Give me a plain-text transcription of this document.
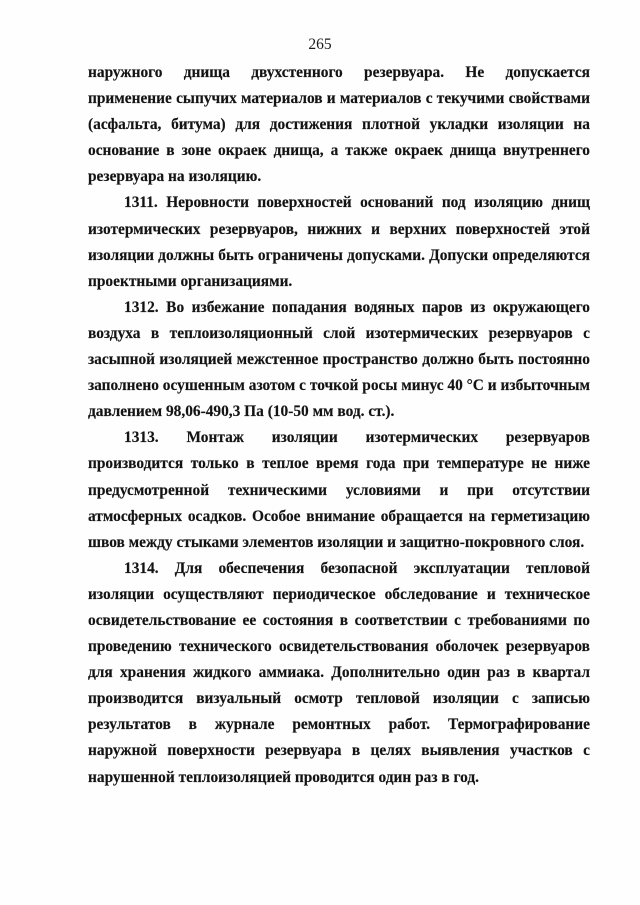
265

наружного днища двухстенного резервуара. Не допускается применение сыпучих материалов и материалов с текучими свойствами (асфальта, битума) для достижения плотной укладки изоляции на основание в зоне окраек днища, а также окраек днища внутреннего резервуара на изоляцию.

1311. Неровности поверхностей оснований под изоляцию днищ изотермических резервуаров, нижних и верхних поверхностей этой изоляции должны быть ограничены допусками. Допуски определяются проектными организациями.

1312. Во избежание попадания водяных паров из окружающего воздуха в теплоизоляционный слой изотермических резервуаров с засыпной изоляцией межстенное пространство должно быть постоянно заполнено осушенным азотом с точкой росы минус 40 °С и избыточным давлением 98,06-490,3 Па (10-50 мм вод. ст.).

1313. Монтаж изоляции изотермических резервуаров производится только в теплое время года при температуре не ниже предусмотренной техническими условиями и при отсутствии атмосферных осадков. Особое внимание обращается на герметизацию швов между стыками элементов изоляции и защитно-покровного слоя.

1314. Для обеспечения безопасной эксплуатации тепловой изоляции осуществляют периодическое обследование и техническое освидетельствование ее состояния в соответствии с требованиями по проведению технического освидетельствования оболочек резервуаров для хранения жидкого аммиака. Дополнительно один раз в квартал производится визуальный осмотр тепловой изоляции с записью результатов в журнале ремонтных работ. Термографирование наружной поверхности резервуара в целях выявления участков с нарушенной теплоизоляцией проводится один раз в год.
